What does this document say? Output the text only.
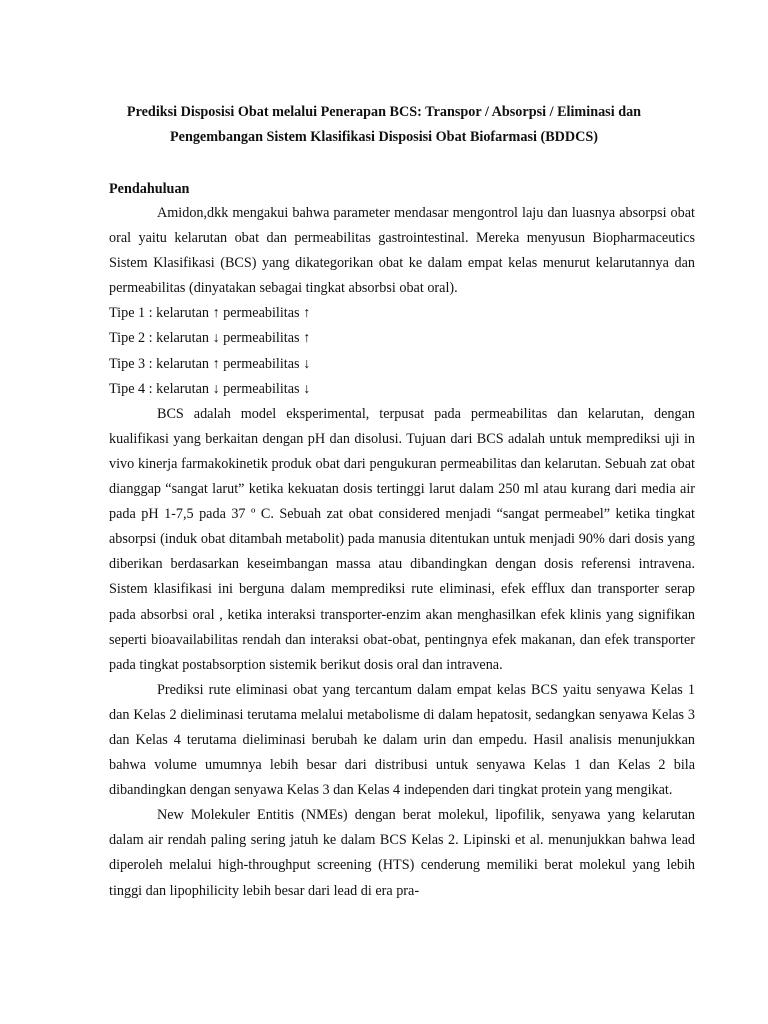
Prediksi Disposisi Obat melalui Penerapan BCS: Transpor / Absorpsi / Eliminasi dan
Pengembangan Sistem Klasifikasi Disposisi Obat Biofarmasi (BDDCS)
Pendahuluan

Amidon,dkk mengakui bahwa parameter mendasar mengontrol laju dan luasnya absorpsi obat oral yaitu kelarutan obat dan permeabilitas gastrointestinal. Mereka menyusun Biopharmaceutics Sistem Klasifikasi (BCS) yang dikategorikan obat ke dalam empat kelas menurut kelarutannya dan permeabilitas (dinyatakan sebagai tingkat absorbsi obat oral).

Tipe 1 : kelarutan ↑ permeabilitas ↑

Tipe 2 : kelarutan ↓ permeabilitas ↑

Tipe 3 : kelarutan ↑ permeabilitas ↓

Tipe 4 : kelarutan ↓ permeabilitas ↓

BCS adalah model eksperimental, terpusat pada permeabilitas dan kelarutan, dengan kualifikasi yang berkaitan dengan pH dan disolusi. Tujuan dari BCS adalah untuk memprediksi uji in vivo kinerja farmakokinetik produk obat dari pengukuran permeabilitas dan kelarutan. Sebuah zat obat dianggap “sangat larut” ketika kekuatan dosis tertinggi larut dalam 250 ml atau kurang dari media air pada pH 1-7,5 pada 37 º C. Sebuah zat obat considered menjadi “sangat permeabel” ketika tingkat absorpsi (induk obat ditambah metabolit) pada manusia ditentukan untuk menjadi 90% dari dosis yang diberikan berdasarkan keseimbangan massa atau dibandingkan dengan dosis referensi intravena. Sistem klasifikasi ini berguna dalam memprediksi rute eliminasi, efek efflux dan transporter serap pada absorbsi oral , ketika interaksi transporter-enzim akan menghasilkan efek klinis yang signifikan seperti bioavailabilitas rendah dan interaksi obat-obat, pentingnya efek makanan, dan efek transporter pada tingkat postabsorption sistemik berikut dosis oral dan intravena.

Prediksi rute eliminasi obat yang tercantum dalam empat kelas BCS yaitu senyawa Kelas 1 dan Kelas 2 dieliminasi terutama melalui metabolisme di dalam hepatosit, sedangkan senyawa Kelas 3 dan Kelas 4 terutama dieliminasi berubah ke dalam urin dan empedu. Hasil analisis menunjukkan bahwa volume umumnya lebih besar dari distribusi untuk senyawa Kelas 1 dan Kelas 2 bila dibandingkan dengan senyawa Kelas 3 dan Kelas 4 independen dari tingkat protein yang mengikat.

New Molekuler Entitis (NMEs) dengan berat molekul, lipofilik, senyawa yang kelarutan dalam air rendah paling sering jatuh ke dalam BCS Kelas 2. Lipinski et al. menunjukkan bahwa lead diperoleh melalui high-throughput screening (HTS) cenderung memiliki berat molekul yang lebih tinggi dan lipophilicity lebih besar dari lead di era pra-
